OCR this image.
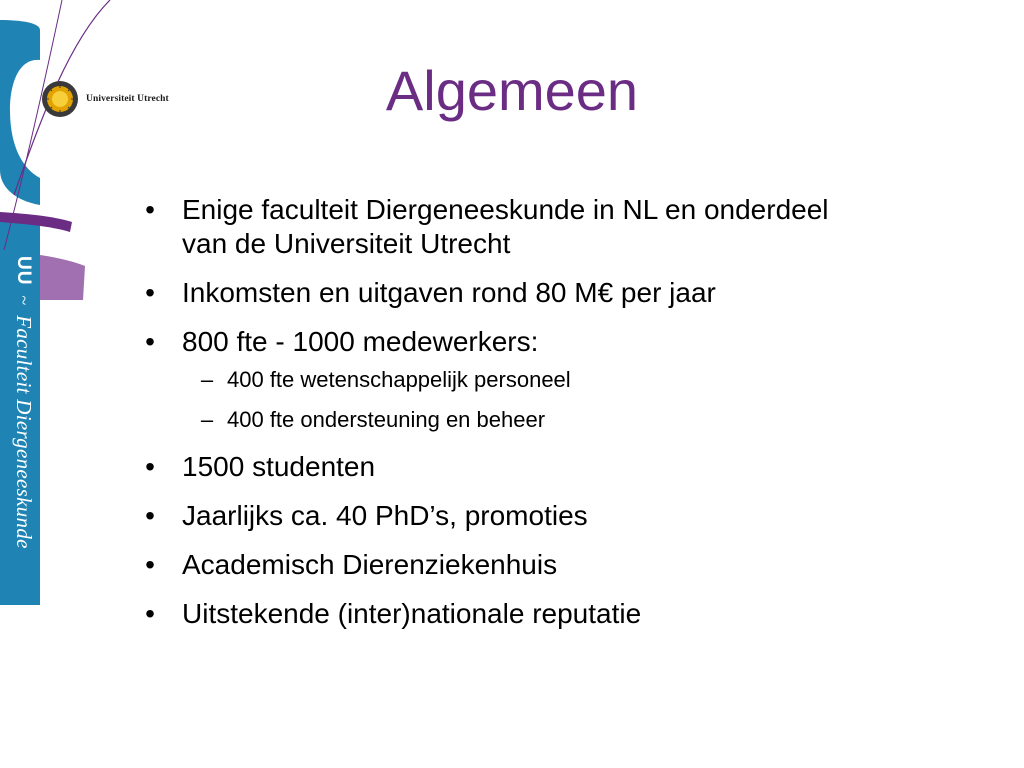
Universiteit Utrecht
UU
~
Faculteit Diergeneeskunde
Algemeen
• Enige faculteit Diergeneeskunde in NL en onderdeel van de Universiteit Utrecht
• Inkomsten en uitgaven rond 80 M€ per jaar
• 800 fte - 1000 medewerkers:
– 400 fte wetenschappelijk personeel
– 400 fte ondersteuning en beheer
• 1500 studenten
• Jaarlijks ca. 40 PhD’s, promoties
• Academisch Dierenziekenhuis
• Uitstekende (inter)nationale reputatie
